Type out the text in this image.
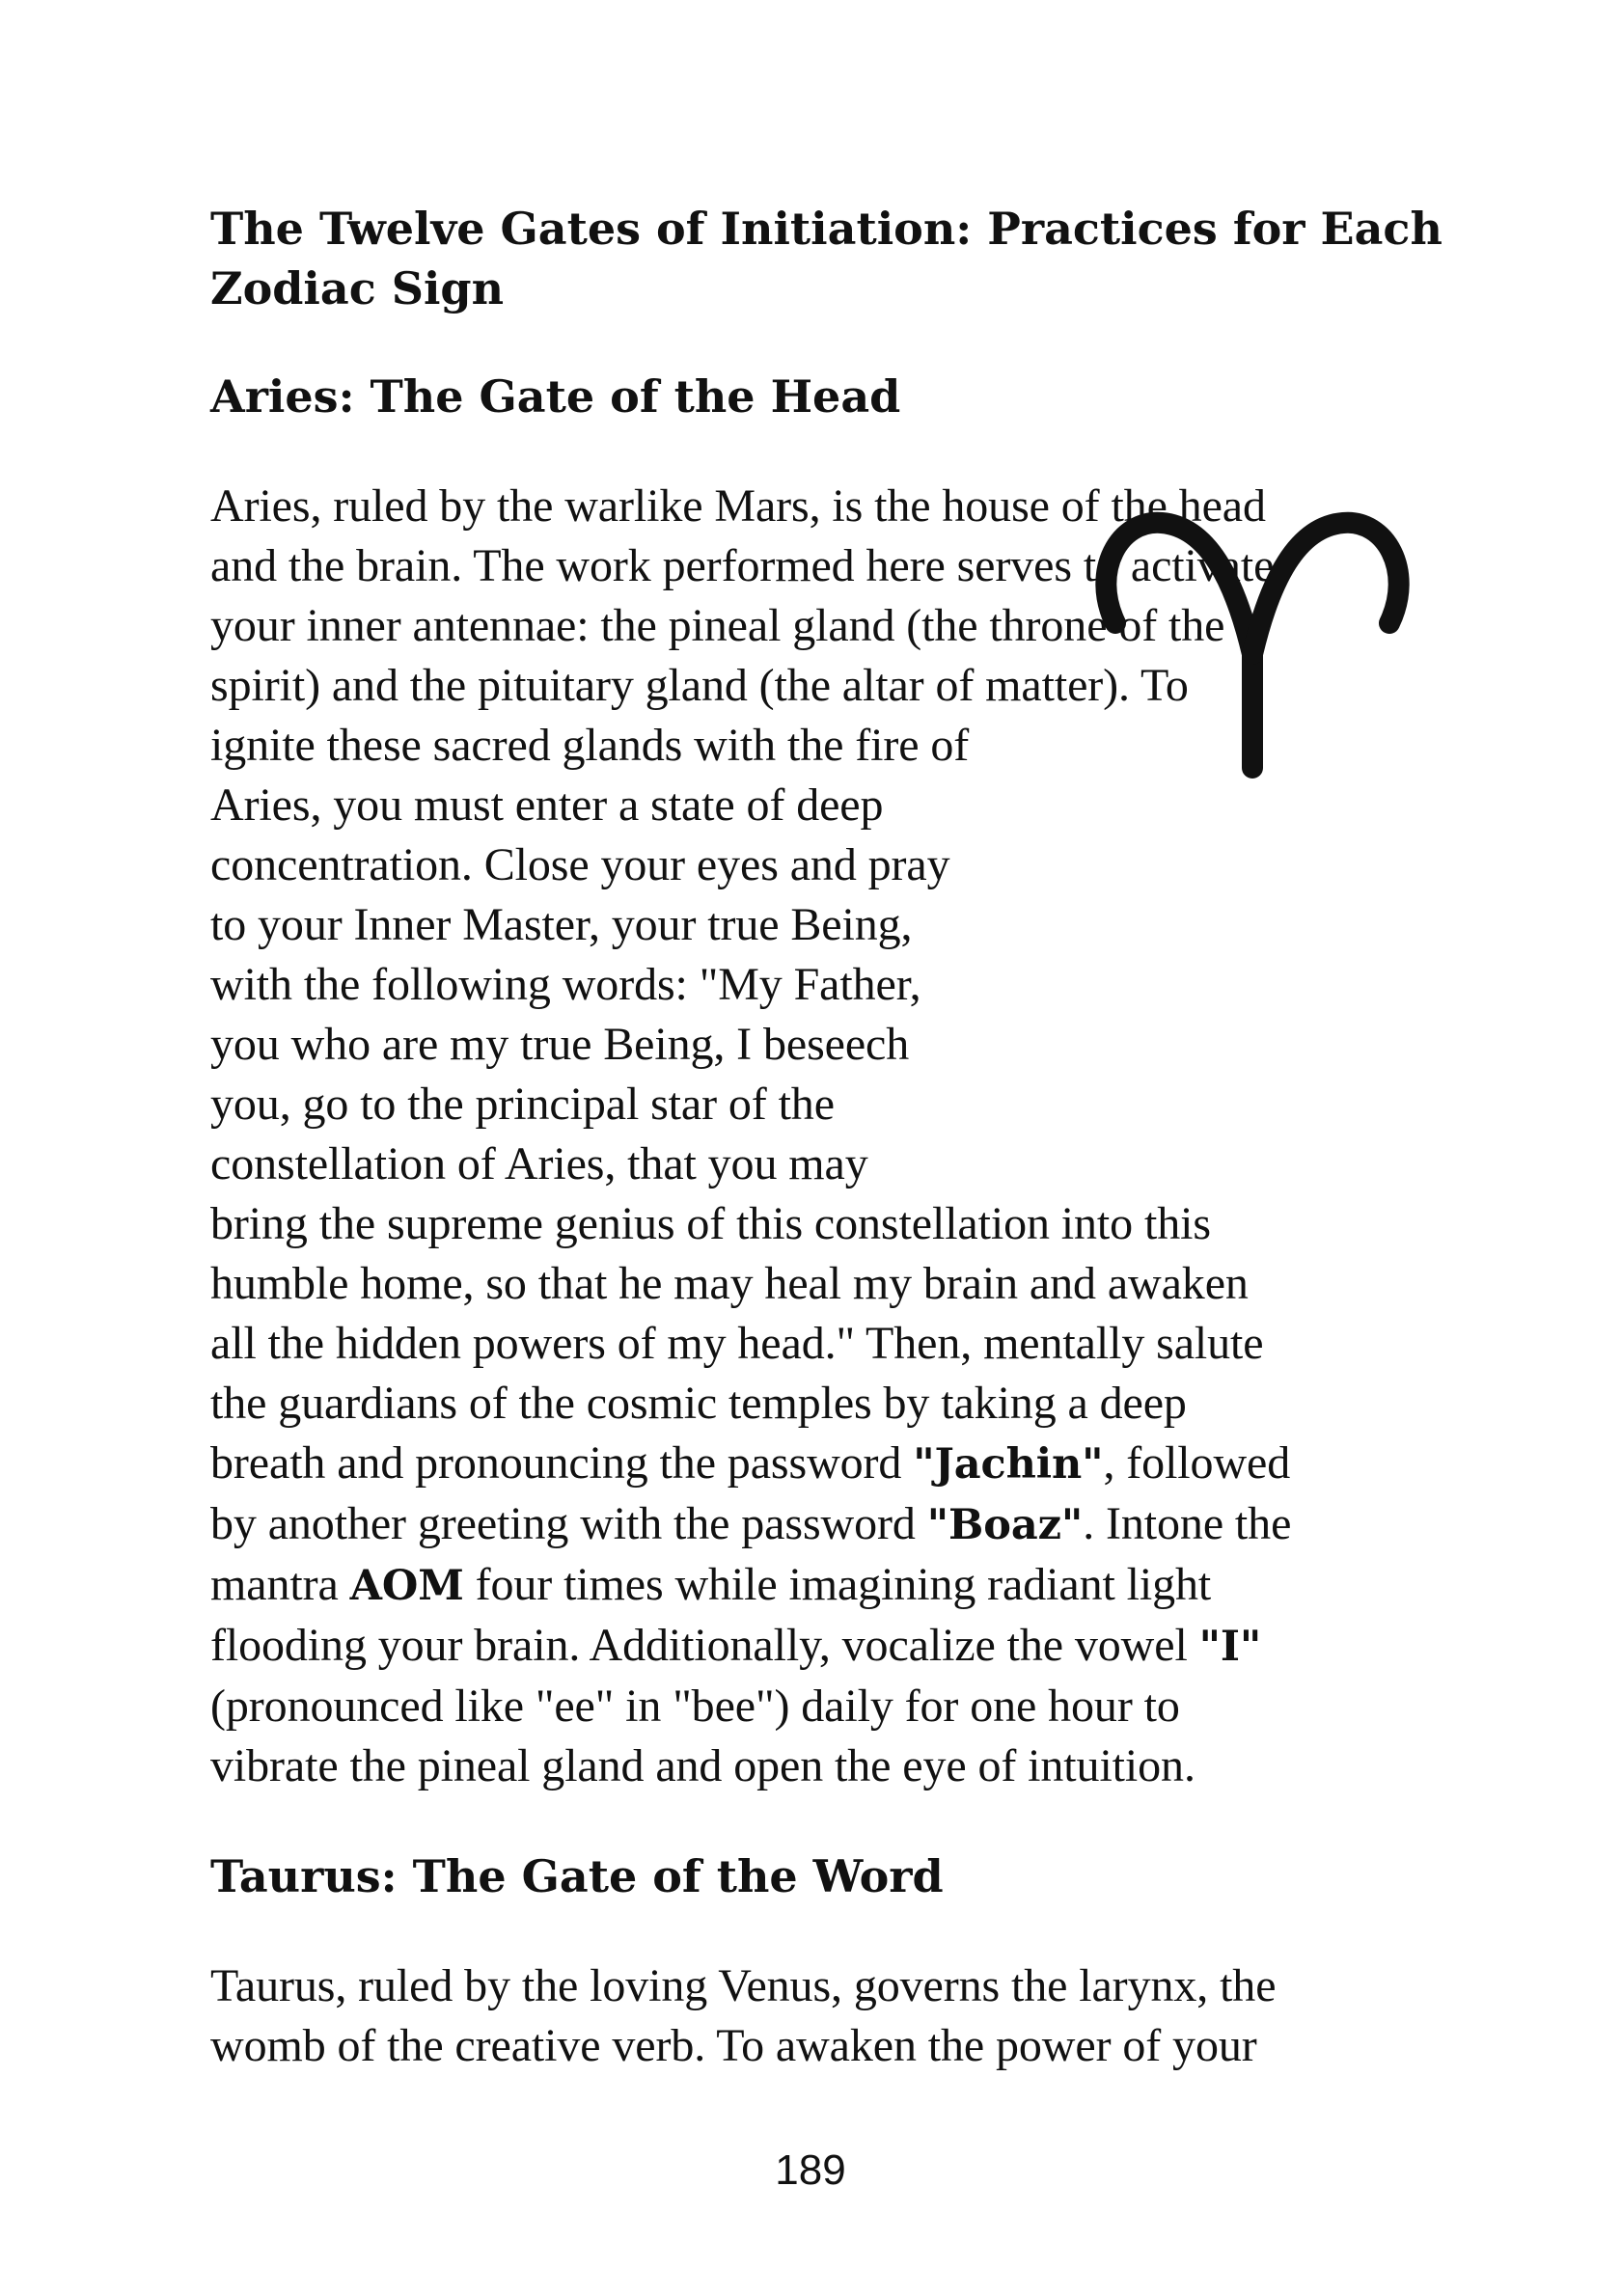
The Twelve Gates of Initiation: Practices for Each
Zodiac Sign
Aries: The Gate of the Head
Aries, ruled by the warlike Mars, is the house of the head
and the brain. The work performed here serves to activate
your inner antennae: the pineal gland (the throne of the
spirit) and the pituitary gland (the altar of matter). To
ignite these sacred glands with the fire of
Aries, you must enter a state of deep
concentration. Close your eyes and pray
to your Inner Master, your true Being,
with the following words: "My Father,
you who are my true Being, I beseech
you, go to the principal star of the
constellation of Aries, that you may
bring the supreme genius of this constellation into this
humble home, so that he may heal my brain and awaken
all the hidden powers of my head." Then, mentally salute
the guardians of the cosmic temples by taking a deep
breath and pronouncing the password "Jachin", followed
by another greeting with the password "Boaz". Intone the
mantra AOM four times while imagining radiant light
flooding your brain. Additionally, vocalize the vowel "I"
(pronounced like "ee" in "bee") daily for one hour to
vibrate the pineal gland and open the eye of intuition.
Taurus: The Gate of the Word
Taurus, ruled by the loving Venus, governs the larynx, the
womb of the creative verb. To awaken the power of your
189
